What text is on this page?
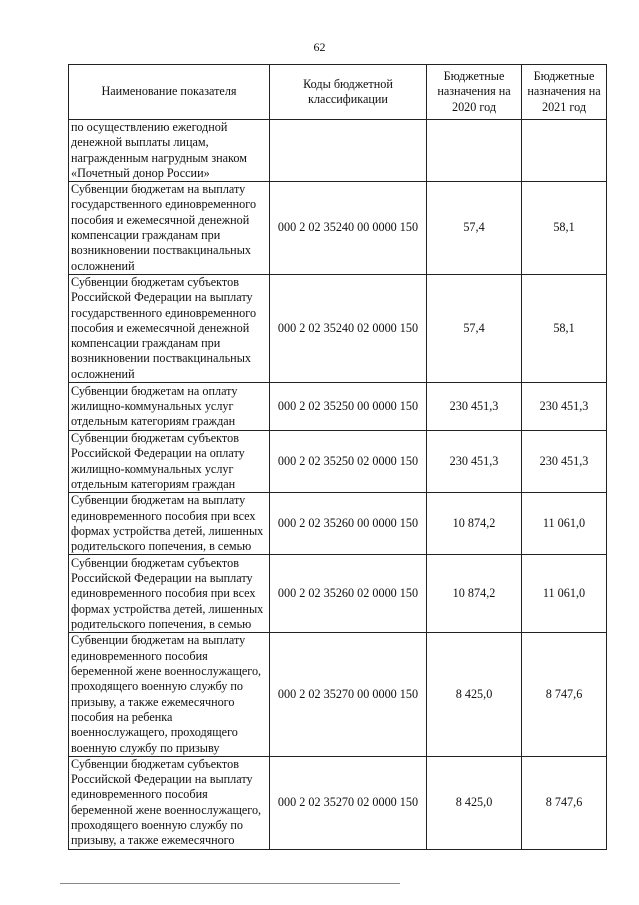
62
Наименование показателя	Коды бюджетной классификации	Бюджетные назначения на 2020 год	Бюджетные назначения на 2021 год
по осуществлению ежегодной денежной выплаты лицам, награжденным нагрудным знаком «Почетный донор России»			
Субвенции бюджетам на выплату государственного единовременного пособия и ежемесячной денежной компенсации гражданам при возникновении поствакцинальных осложнений	000 2 02 35240 00 0000 150	57,4	58,1
Субвенции бюджетам субъектов Российской Федерации на выплату государственного единовременного пособия и ежемесячной денежной компенсации гражданам при возникновении поствакцинальных осложнений	000 2 02 35240 02 0000 150	57,4	58,1
Субвенции бюджетам на оплату жилищно-коммунальных услуг отдельным категориям граждан	000 2 02 35250 00 0000 150	230 451,3	230 451,3
Субвенции бюджетам субъектов Российской Федерации на оплату жилищно-коммунальных услуг отдельным категориям граждан	000 2 02 35250 02 0000 150	230 451,3	230 451,3
Субвенции бюджетам на выплату единовременного пособия при всех формах устройства детей, лишенных родительского попечения, в семью	000 2 02 35260 00 0000 150	10 874,2	11 061,0
Субвенции бюджетам субъектов Российской Федерации на выплату единовременного пособия при всех формах устройства детей, лишенных родительского попечения, в семью	000 2 02 35260 02 0000 150	10 874,2	11 061,0
Субвенции бюджетам на выплату единовременного пособия беременной жене военнослужащего, проходящего военную службу по призыву, а также ежемесячного пособия на ребенка военнослужащего, проходящего военную службу по призыву	000 2 02 35270 00 0000 150	8 425,0	8 747,6
Субвенции бюджетам субъектов Российской Федерации на выплату единовременного пособия беременной жене военнослужащего, проходящего военную службу по призыву, а также ежемесячного	000 2 02 35270 02 0000 150	8 425,0	8 747,6
